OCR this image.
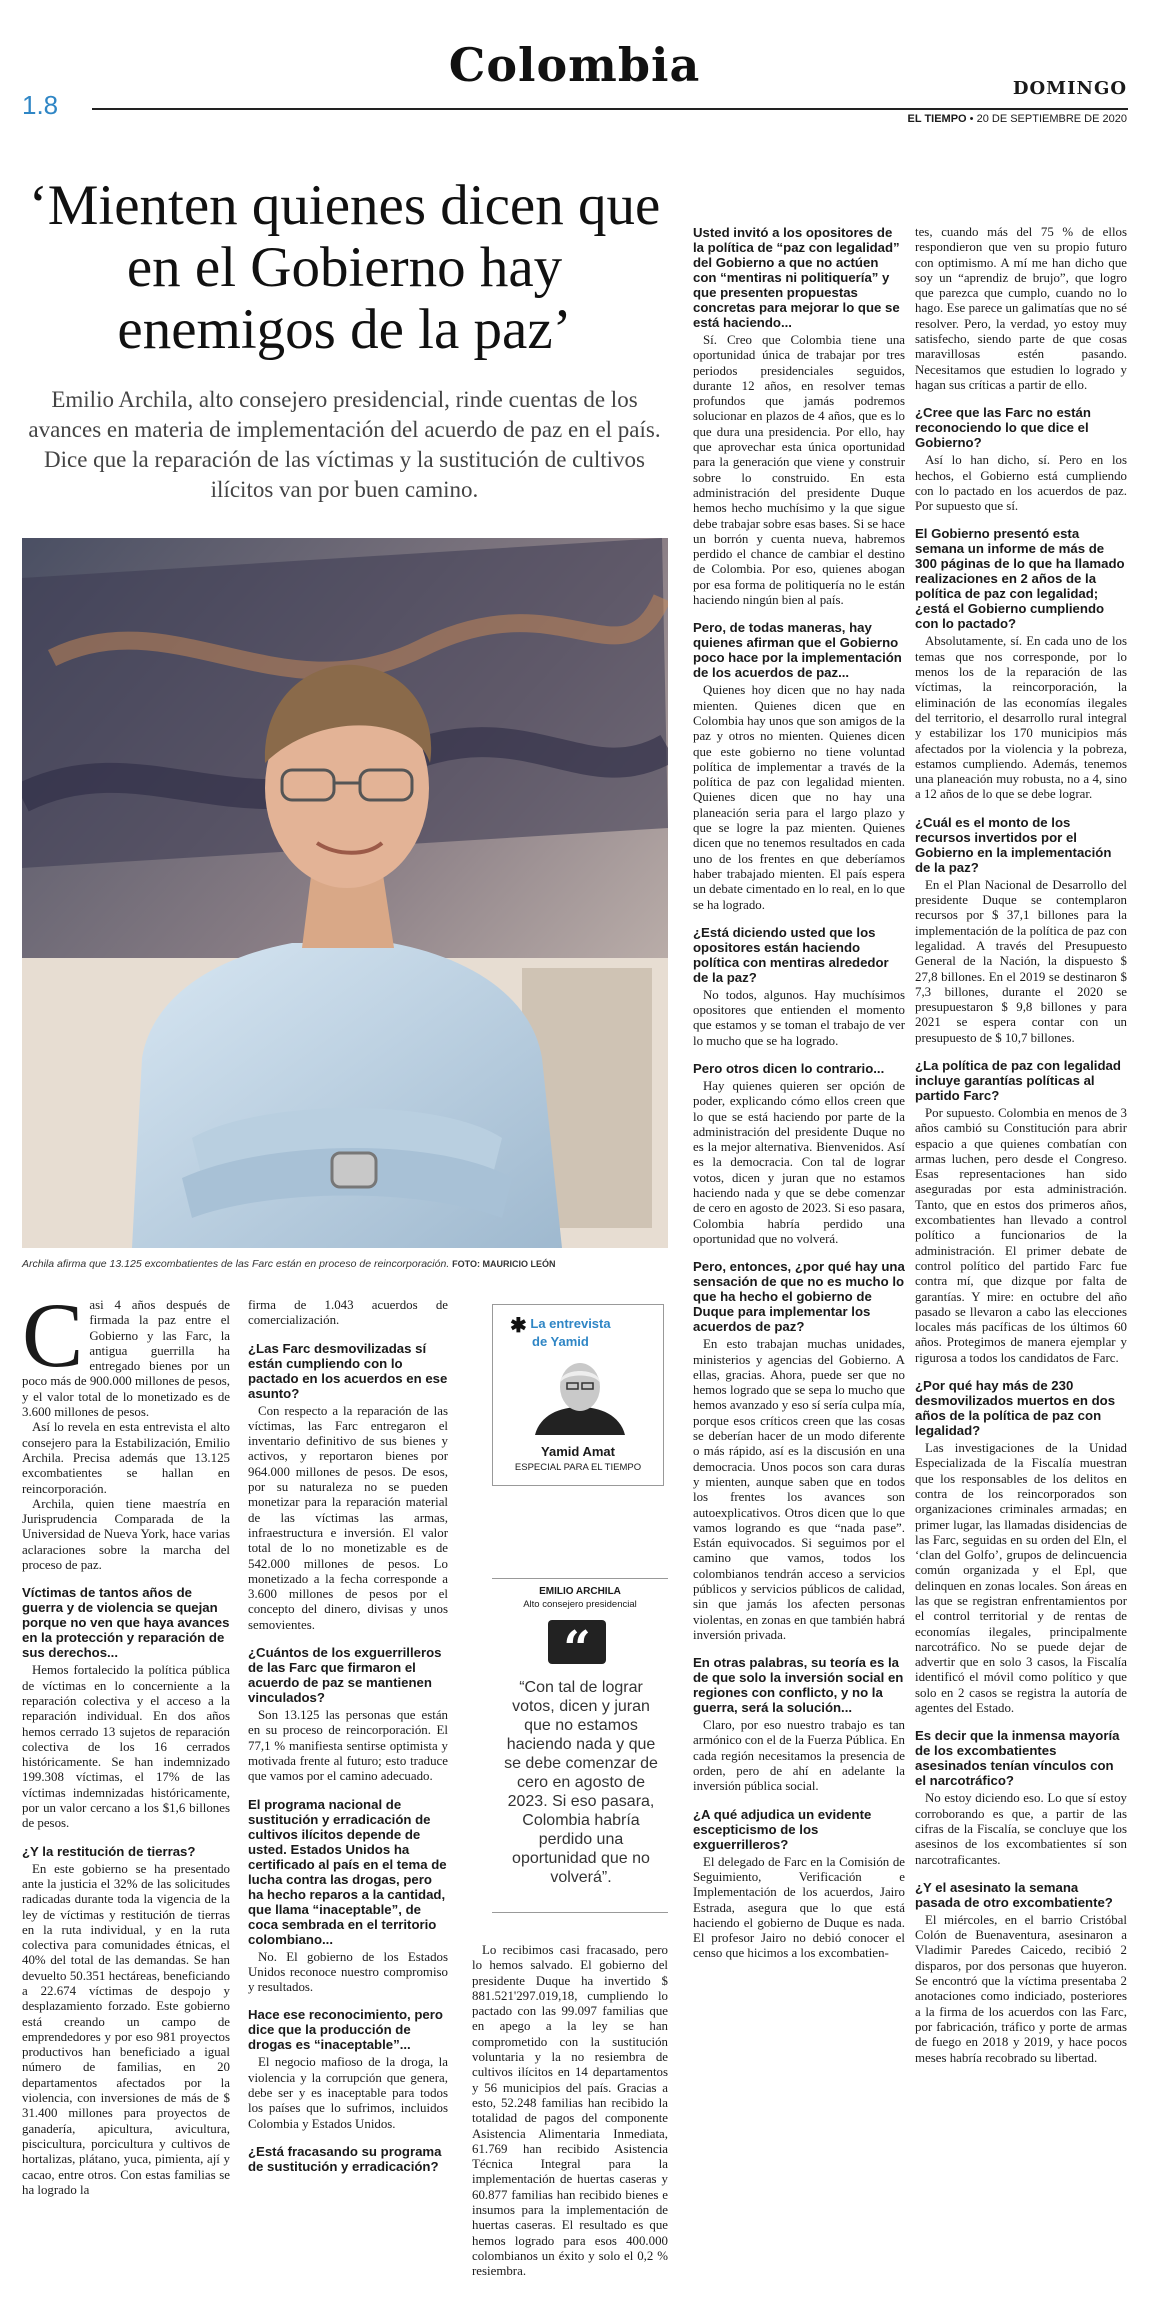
Colombia
1.8
DOMINGO
EL TIEMPO • 20 DE SEPTIEMBRE DE 2020
‘Mienten quienes dicen que en el Gobierno hay enemigos de la paz’
Emilio Archila, alto consejero presidencial, rinde cuentas de los avances en materia de implementación del acuerdo de paz en el país. Dice que la reparación de las víctimas y la sustitución de cultivos ilícitos van por buen camino.
Archila afirma que 13.125 excombatientes de las Farc están en proceso de reincorporación. FOTO: MAURICIO LEÓN

Casi 4 años después de firmada la paz entre el Gobierno y las Farc, la antigua guerrilla ha entregado bienes por un poco más de 900.000 millones de pesos, y el valor total de lo monetizado es de 3.600 millones de pesos.

Así lo revela en esta entrevista el alto consejero para la Estabilización, Emilio Archila. Precisa además que 13.125 excombatientes se hallan en reincorporación.

Archila, quien tiene maestría en Jurisprudencia Comparada de la Universidad de Nueva York, hace varias aclaraciones sobre la marcha del proceso de paz.

Víctimas de tantos años de guerra y de violencia se quejan porque no ven que haya avances en la protección y reparación de sus derechos...

Hemos fortalecido la política pública de víctimas en lo concerniente a la reparación colectiva y el acceso a la reparación individual. En dos años hemos cerrado 13 sujetos de reparación colectiva de los 16 cerrados históricamente. Se han indemnizado 199.308 víctimas, el 17% de las víctimas indemnizadas históricamente, por un valor cercano a los $1,6 billones de pesos.

¿Y la restitución de tierras?

En este gobierno se ha presentado ante la justicia el 32% de las solicitudes radicadas durante toda la vigencia de la ley de víctimas y restitución de tierras en la ruta individual, y en la ruta colectiva para comunidades étnicas, el 40% del total de las demandas. Se han devuelto 50.351 hectáreas, beneficiando a 22.674 víctimas de despojo y desplazamiento forzado. Este gobierno está creando un campo de emprendedores y por eso 981 proyectos productivos han beneficiado a igual número de familias, en 20 departamentos afectados por la violencia, con inversiones de más de $ 31.400 millones para proyectos de ganadería, apicultura, avicultura, piscicultura, porcicultura y cultivos de hortalizas, plátano, yuca, pimienta, ají y cacao, entre otros. Con estas familias se ha logrado la

firma de 1.043 acuerdos de comercialización.

¿Las Farc desmovilizadas sí están cumpliendo con lo pactado en los acuerdos en ese asunto?

Con respecto a la reparación de las víctimas, las Farc entregaron el inventario definitivo de sus bienes y activos, y reportaron bienes por 964.000 millones de pesos. De esos, por su naturaleza no se pueden monetizar para la reparación material de las víctimas las armas, infraestructura e inversión. El valor total de lo no monetizable es de 542.000 millones de pesos. Lo monetizado a la fecha corresponde a 3.600 millones de pesos por el concepto del dinero, divisas y unos semovientes.

¿Cuántos de los exguerrilleros de las Farc que firmaron el acuerdo de paz se mantienen vinculados?

Son 13.125 las personas que están en su proceso de reincorporación. El 77,1 % manifiesta sentirse optimista y motivada frente al futuro; esto traduce que vamos por el camino adecuado.

El programa nacional de sustitución y erradicación de cultivos ilícitos depende de usted. Estados Unidos ha certificado al país en el tema de lucha contra las drogas, pero ha hecho reparos a la cantidad, que llama “inaceptable”, de coca sembrada en el territorio colombiano...

No. El gobierno de los Estados Unidos reconoce nuestro compromiso y resultados.

Hace ese reconocimiento, pero dice que la producción de drogas es “inaceptable”...

El negocio mafioso de la droga, la violencia y la corrupción que genera, debe ser y es inaceptable para todos los países que lo sufrimos, incluidos Colombia y Estados Unidos.

¿Está fracasando su programa de sustitución y erradicación?

✱ La entrevista
de Yamid
Yamid Amat
ESPECIAL PARA EL TIEMPO
EMILIO ARCHILA
Alto consejero presidencial
“
“Con tal de lograr votos, dicen y juran que no estamos haciendo nada y que se debe comenzar de cero en agosto de 2023. Si eso pasara, Colombia habría perdido una oportunidad que no volverá”.

Lo recibimos casi fracasado, pero lo hemos salvado. El gobierno del presidente Duque ha invertido $ 881.521'297.019,18, cumpliendo lo pactado con las 99.097 familias que en apego a la ley se han comprometido con la sustitución voluntaria y la no resiembra de cultivos ilícitos en 14 departamentos y 56 municipios del país. Gracias a esto, 52.248 familias han recibido la totalidad de pagos del componente Asistencia Alimentaria Inmediata, 61.769 han recibido Asistencia Técnica Integral para la implementación de huertas caseras y 60.877 familias han recibido bienes e insumos para la implementación de huertas caseras. El resultado es que hemos logrado para esos 400.000 colombianos un éxito y solo el 0,2 % resiembra.

Usted invitó a los opositores de la política de “paz con legalidad” del Gobierno a que no actúen con “mentiras ni politiquería” y que presenten propuestas concretas para mejorar lo que se está haciendo...

Sí. Creo que Colombia tiene una oportunidad única de trabajar por tres periodos presidenciales seguidos, durante 12 años, en resolver temas profundos que jamás podremos solucionar en plazos de 4 años, que es lo que dura una presidencia. Por ello, hay que aprovechar esta única oportunidad para la generación que viene y construir sobre lo construido. En esta administración del presidente Duque hemos hecho muchísimo y la que sigue debe trabajar sobre esas bases. Si se hace un borrón y cuenta nueva, habremos perdido el chance de cambiar el destino de Colombia. Por eso, quienes abogan por esa forma de politiquería no le están haciendo ningún bien al país.

Pero, de todas maneras, hay quienes afirman que el Gobierno poco hace por la implementación de los acuerdos de paz...

Quienes hoy dicen que no hay nada mienten. Quienes dicen que en Colombia hay unos que son amigos de la paz y otros no mienten. Quienes dicen que este gobierno no tiene voluntad política de implementar a través de la política de paz con legalidad mienten. Quienes dicen que no hay una planeación seria para el largo plazo y que se logre la paz mienten. Quienes dicen que no tenemos resultados en cada uno de los frentes en que deberíamos haber trabajado mienten. El país espera un debate cimentado en lo real, en lo que se ha logrado.

¿Está diciendo usted que los opositores están haciendo política con mentiras alrededor de la paz?

No todos, algunos. Hay muchísimos opositores que entienden el momento que estamos y se toman el trabajo de ver lo mucho que se ha logrado.

Pero otros dicen lo contrario...

Hay quienes quieren ser opción de poder, explicando cómo ellos creen que lo que se está haciendo por parte de la administración del presidente Duque no es la mejor alternativa. Bienvenidos. Así es la democracia. Con tal de lograr votos, dicen y juran que no estamos haciendo nada y que se debe comenzar de cero en agosto de 2023. Si eso pasara, Colombia habría perdido una oportunidad que no volverá.

Pero, entonces, ¿por qué hay una sensación de que no es mucho lo que ha hecho el gobierno de Duque para implementar los acuerdos de paz?

En esto trabajan muchas unidades, ministerios y agencias del Gobierno. A ellas, gracias. Ahora, puede ser que no hemos logrado que se sepa lo mucho que hemos avanzado y eso sí sería culpa mía, porque esos críticos creen que las cosas se deberían hacer de un modo diferente o más rápido, así es la discusión en una democracia. Unos pocos son cara duras y mienten, aunque saben que en todos los frentes los avances son autoexplicativos. Otros dicen que lo que vamos logrando es que “nada pase”. Están equivocados. Si seguimos por el camino que vamos, todos los colombianos tendrán acceso a servicios públicos y servicios públicos de calidad, sin que jamás los afecten personas violentas, en zonas en que también habrá inversión privada.

En otras palabras, su teoría es la de que solo la inversión social en regiones con conflicto, y no la guerra, será la solución...

Claro, por eso nuestro trabajo es tan armónico con el de la Fuerza Pública. En cada región necesitamos la presencia de orden, pero de ahí en adelante la inversión pública social.

¿A qué adjudica un evidente escepticismo de los exguerrilleros?

El delegado de Farc en la Comisión de Seguimiento, Verificación e Implementación de los acuerdos, Jairo Estrada, asegura que lo que está haciendo el gobierno de Duque es nada. El profesor Jairo no debió conocer el censo que hicimos a los excombatien-

tes, cuando más del 75 % de ellos respondieron que ven su propio futuro con optimismo. A mí me han dicho que soy un “aprendiz de brujo”, que logro que parezca que cumplo, cuando no lo hago. Ese parece un galimatías que no sé resolver. Pero, la verdad, yo estoy muy satisfecho, siendo parte de que cosas maravillosas estén pasando. Necesitamos que estudien lo logrado y hagan sus críticas a partir de ello.

¿Cree que las Farc no están reconociendo lo que dice el Gobierno?

Así lo han dicho, sí. Pero en los hechos, el Gobierno está cumpliendo con lo pactado en los acuerdos de paz. Por supuesto que sí.

El Gobierno presentó esta semana un informe de más de 300 páginas de lo que ha llamado realizaciones en 2 años de la política de paz con legalidad; ¿está el Gobierno cumpliendo con lo pactado?

Absolutamente, sí. En cada uno de los temas que nos corresponde, por lo menos los de la reparación de las víctimas, la reincorporación, la eliminación de las economías ilegales del territorio, el desarrollo rural integral y estabilizar los 170 municipios más afectados por la violencia y la pobreza, estamos cumpliendo. Además, tenemos una planeación muy robusta, no a 4, sino a 12 años de lo que se debe lograr.

¿Cuál es el monto de los recursos invertidos por el Gobierno en la implementación de la paz?

En el Plan Nacional de Desarrollo del presidente Duque se contemplaron recursos por $ 37,1 billones para la implementación de la política de paz con legalidad. A través del Presupuesto General de la Nación, la dispuesto $ 27,8 billones. En el 2019 se destinaron $ 7,3 billones, durante el 2020 se presupuestaron $ 9,8 billones y para 2021 se espera contar con un presupuesto de $ 10,7 billones.

¿La política de paz con legalidad incluye garantías políticas al partido Farc?

Por supuesto. Colombia en menos de 3 años cambió su Constitución para abrir espacio a que quienes combatían con armas luchen, pero desde el Congreso. Esas representaciones han sido aseguradas por esta administración. Tanto, que en estos dos primeros años, excombatientes han llevado a control político a funcionarios de la administración. El primer debate de control político del partido Farc fue contra mí, que dizque por falta de garantías. Y mire: en octubre del año pasado se llevaron a cabo las elecciones locales más pacíficas de los últimos 60 años. Protegimos de manera ejemplar y rigurosa a todos los candidatos de Farc.

¿Por qué hay más de 230 desmovilizados muertos en dos años de la política de paz con legalidad?

Las investigaciones de la Unidad Especializada de la Fiscalía muestran que los responsables de los delitos en contra de los reincorporados son organizaciones criminales armadas; en primer lugar, las llamadas disidencias de las Farc, seguidas en su orden del Eln, el ‘clan del Golfo’, grupos de delincuencia común organizada y el Epl, que delinquen en zonas locales. Son áreas en las que se registran enfrentamientos por el control territorial y de rentas de economías ilegales, principalmente narcotráfico. No se puede dejar de advertir que en solo 3 casos, la Fiscalía identificó el móvil como político y que solo en 2 casos se registra la autoría de agentes del Estado.

Es decir que la inmensa mayoría de los excombatientes asesinados tenían vínculos con el narcotráfico?

No estoy diciendo eso. Lo que sí estoy corroborando es que, a partir de las cifras de la Fiscalía, se concluye que los asesinos de los excombatientes sí son narcotraficantes.

¿Y el asesinato la semana pasada de otro excombatiente?

El miércoles, en el barrio Cristóbal Colón de Buenaventura, asesinaron a Vladimir Paredes Caicedo, recibió 2 disparos, por dos personas que huyeron. Se encontró que la víctima presentaba 2 anotaciones como indiciado, posteriores a la firma de los acuerdos con las Farc, por fabricación, tráfico y porte de armas de fuego en 2018 y 2019, y hace pocos meses habría recobrado su libertad.
